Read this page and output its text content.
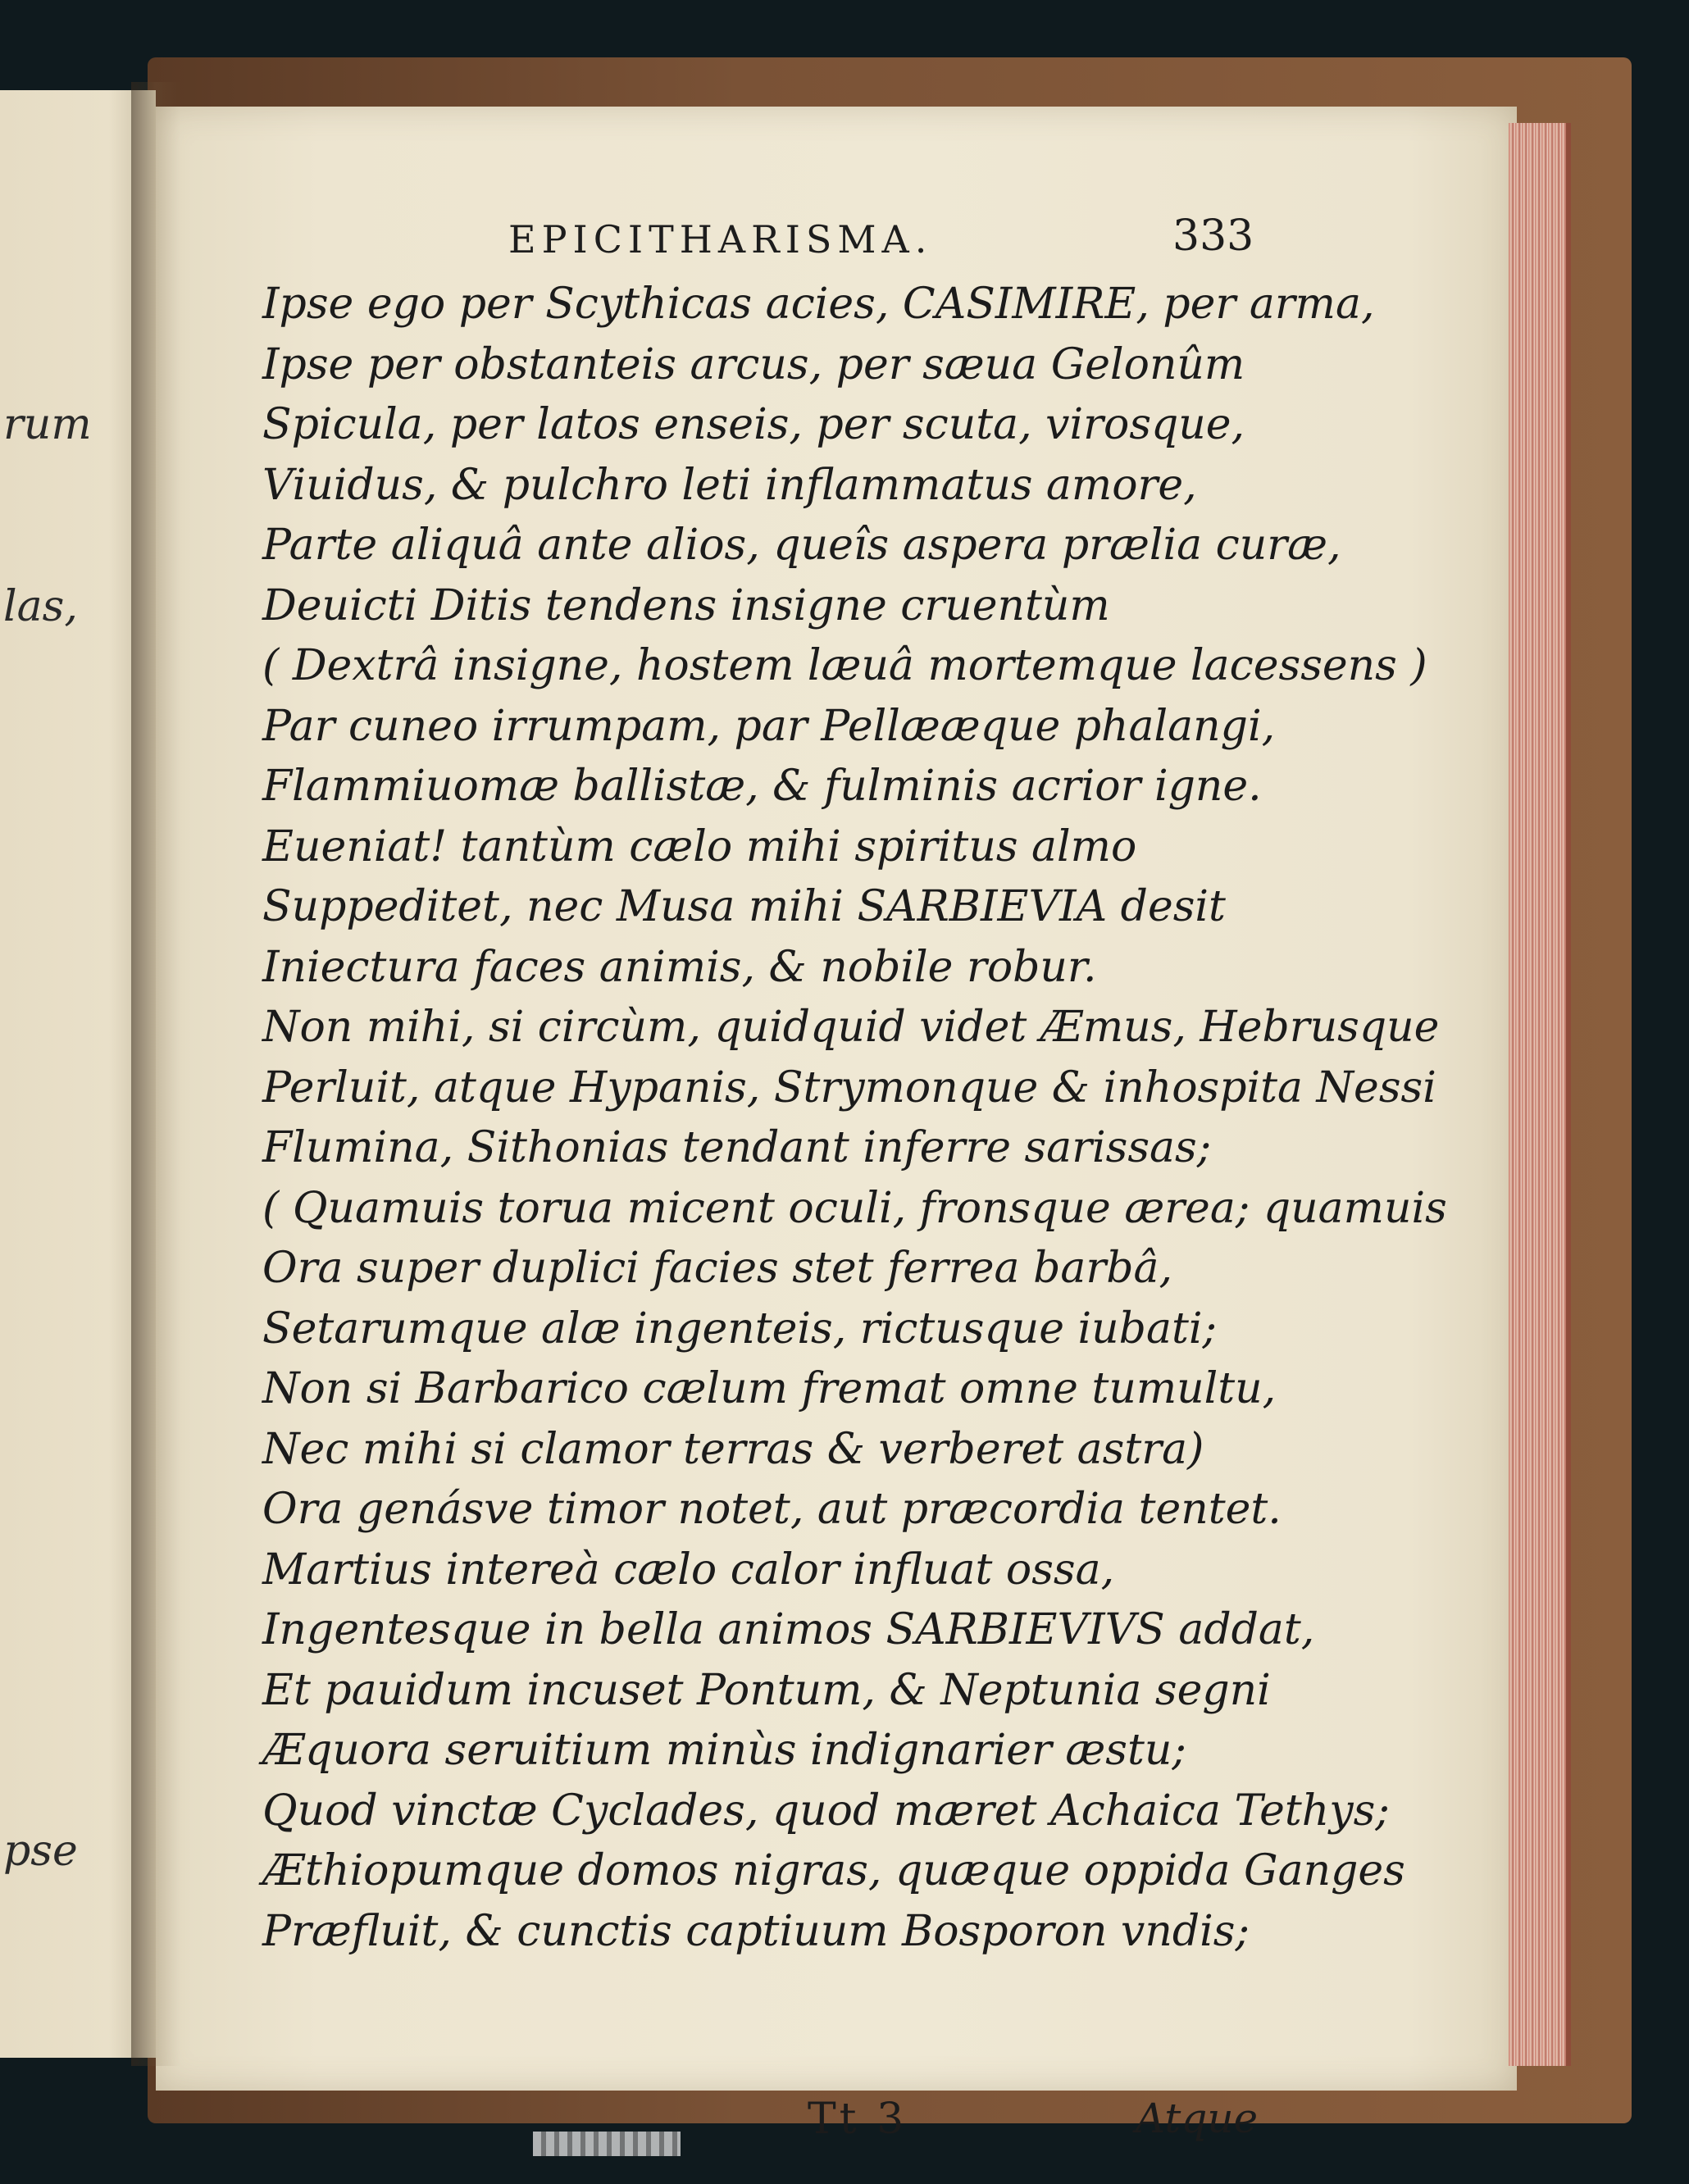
rum
las,
pse
EPICITHARISMA.	333
Ipse ego per Scythicas acies, CASIMIRE, per arma,
Ipse per obstanteis arcus, per sæua Gelonûm
Spicula, per latos enseis, per scuta, virosque,
Viuidus, & pulchro leti inflammatus amore,
Parte aliquâ ante alios, queîs aspera prælia curæ,
Deuicti Ditis tendens insigne cruentùm
( Dextrâ insigne, hostem læuâ mortemque lacessens )
Par cuneo irrumpam, par Pellææque phalangi,
Flammiuomæ ballistæ, & fulminis acrior igne.
Eueniat! tantùm cælo mihi spiritus almo
Suppeditet, nec Musa mihi SARBIEVIA desit
Iniectura faces animis, & nobile robur.
Non mihi, si circùm, quidquid videt Æmus, Hebrusque
Perluit, atque Hypanis, Strymonque & inhospita Nessi
Flumina, Sithonias tendant inferre sarissas;
( Quamuis torua micent oculi, fronsque ærea; quamuis
Ora super duplici facies stet ferrea barbâ,
Setarumque alæ ingenteis, rictusque iubati;
Non si Barbarico cælum fremat omne tumultu,
Nec mihi si clamor terras & verberet astra)
Ora genásve timor notet, aut præcordia tentet.
Martius intereà cælo calor influat ossa,
Ingentesque in bella animos SARBIEVIVS addat,
Et pauidum incuset Pontum, & Neptunia segni
Æquora seruitium minùs indignarier æstu;
Quod vinctæ Cyclades, quod mæret Achaica Tethys;
Æthiopumque domos nigras, quæque oppida Ganges
Præfluit, & cunctis captiuum Bosporon vndis;
Tt 3	Atque
